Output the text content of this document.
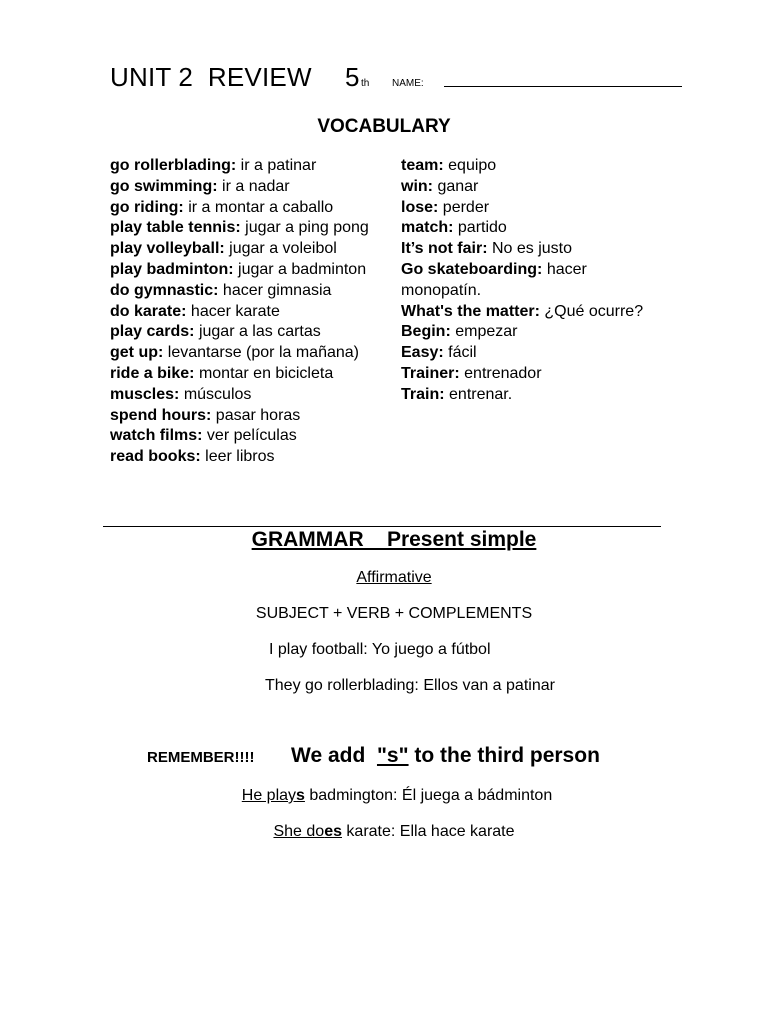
UNIT 2  REVIEW 5 th NAME:
VOCABULARY
go rollerblading: ir a patinar
go swimming: ir a nadar
go riding: ir a montar a caballo
play table tennis: jugar a ping pong
play volleyball: jugar a voleibol
play badminton: jugar a badminton
do gymnastic: hacer gimnasia
do karate: hacer karate
play cards: jugar a las cartas
get up: levantarse (por la mañana)
ride a bike: montar en bicicleta
muscles: músculos
spend hours: pasar horas
watch films: ver películas
read books: leer libros
team: equipo
win: ganar
lose: perder
match: partido
It’s not fair: No es justo
Go skateboarding: hacer monopatín.
What's the matter: ¿Qué ocurre?
Begin: empezar
Easy: fácil
Trainer: entrenador
Train: entrenar.
GRAMMAR    Present simple
Affirmative
SUBJECT + VERB + COMPLEMENTS
I play football: Yo juego a fútbol
They go rollerblading: Ellos van a patinar
REMEMBER!!!! We add  "s" to the third person
He plays badmington: Él juega a bádminton
She does karate: Ella hace karate
